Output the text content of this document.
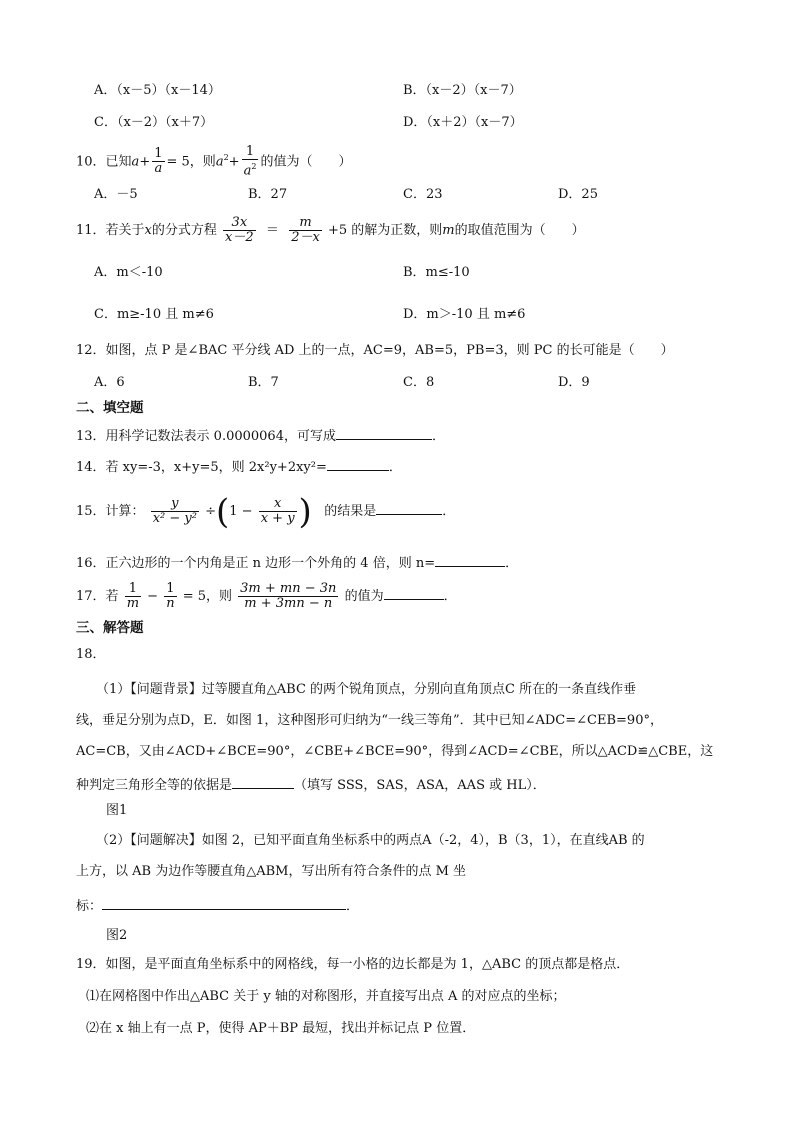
A．（x－5）（x－14）	B．（x－2）（x－7）
C．（x－2）（x＋7）	D．（x＋2）（x－7）
10．已知$a+ \frac{1}{a} = 5$，则$a^2+ \frac{1}{a^2}$ 的值为（　　）
A．－5	B．27	C．23	D．25
11．若关于x的分式方程 $\frac{3x}{x-2} = \frac{m}{2-x} +5$ 的解为正数，则m的取值范围为（　　）
A．m＜-10	B．m≤-10
C．m≥-10 且 m≠6	D．m＞-10 且 m≠6
12．如图，点 P 是∠BAC 平分线 AD 上的一点，AC=9，AB=5，PB=3，则 PC 的长可能是（　　）
A．6	B．7	C．8	D．9
二、填空题
13．用科学记数法表示 0.0000064，可写成	．
14．若 xy=-3，x+y=5，则 2x²y+2xy²=	．
15．计算： $\frac{y}{\text{x² − y²}} \div(1 - \frac{x}{x + y}$ ) 的结果是	．
16．正六边形的一个内角是正 n 边形一个外角的 4 倍，则 n=	．
17．若 $\frac{1}{m} - \frac{1}{n} = 5$，则 $\frac{3m + mn - 3n}{m + 3mn - n}$ 的值为	．
三、解答题
18．
（1）【问题背景】过等腰直角△ABC 的两个锐角顶点，分别向直角顶点C 所在的一条直线作垂
线，垂足分别为点D，E．如图 1，这种图形可归纳为“一线三等角”．其中已知∠ADC=∠CEB=90°，
AC=CB，又由∠ACD+∠BCE=90°，∠CBE+∠BCE=90°，得到∠ACD=∠CBE，所以△ACD≌△CBE，这
种判定三角形全等的依据是	（填写 SSS，SAS，ASA，AAS 或 HL）．
图1
（2）【问题解决】如图 2，已知平面直角坐标系中的两点A（-2，4），B（3，1），在直线AB 的
上方，以 AB 为边作等腰直角△ABM，写出所有符合条件的点 M 坐
标：	．
图2
19．如图，是平面直角坐标系中的网格线，每一小格的边长都是为 1，△ABC 的顶点都是格点．
⑴在网格图中作出△ABC 关于 y 轴的对称图形，并直接写出点 A 的对应点的坐标；
⑵在 x 轴上有一点 P，使得 AP＋BP 最短，找出并标记点 P 位置．
